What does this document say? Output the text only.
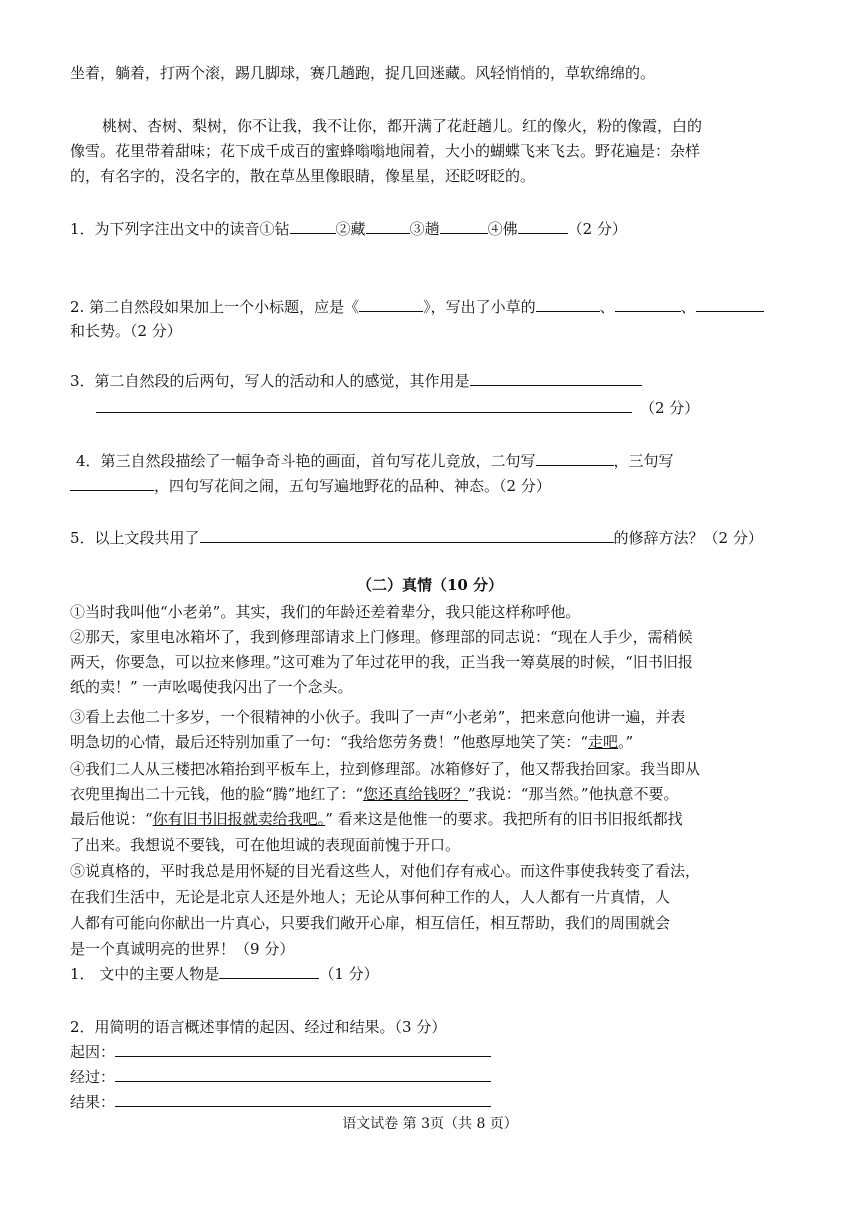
坐着，躺着，打两个滚，踢几脚球，赛几趟跑，捉几回迷藏。风轻悄悄的，草软绵绵的。
桃树、杏树、梨树，你不让我，我不让你，都开满了花赶趟儿。红的像火，粉的像霞，白的
像雪。花里带着甜味；花下成千成百的蜜蜂嗡嗡地闹着，大小的蝴蝶飞来飞去。野花遍是：杂样
的，有名字的，没名字的，散在草丛里像眼睛，像星星，还眨呀眨的。
1．为下列字注出文中的读音①钻	②藏	③趟	④佛	（2 分）
2. 第二自然段如果加上一个小标题，应是《	》，写出了小草的	、	、
和长势。（2 分）
3．第二自然段的后两句，写人的活动和人的感觉，其作用是
（2 分）
4．第三自然段描绘了一幅争奇斗艳的画面，首句写花儿竞放，二句写	，三句写
，四句写花间之闹，五句写遍地野花的品种、神态。（2 分）
5．以上文段共用了	的修辞方法？（2 分）
（二）真情（10 分）
①当时我叫他“小老弟”。其实，我们的年龄还差着辈分，我只能这样称呼他。
②那天，家里电冰箱坏了，我到修理部请求上门修理。修理部的同志说：“现在人手少，需稍候
两天，你要急，可以拉来修理。”这可难为了年过花甲的我，正当我一筹莫展的时候，“旧书旧报
纸的卖！” 一声吆喝使我闪出了一个念头。
③看上去他二十多岁，一个很精神的小伙子。我叫了一声“小老弟”，把来意向他讲一遍，并表
明急切的心情，最后还特别加重了一句：“我给您劳务费！”他憨厚地笑了笑：“走吧。”
④我们二人从三楼把冰箱抬到平板车上，拉到修理部。冰箱修好了，他又帮我抬回家。我当即从
衣兜里掏出二十元钱，他的脸“腾”地红了：“您还真给钱呀？”我说：“那当然。”他执意不要。
最后他说：“你有旧书旧报就卖给我吧。” 看来这是他惟一的要求。我把所有的旧书旧报纸都找
了出来。我想说不要钱，可在他坦诚的表现面前愧于开口。
⑤说真格的，平时我总是用怀疑的目光看这些人，对他们存有戒心。而这件事使我转变了看法，
在我们生活中，无论是北京人还是外地人；无论从事何种工作的人，人人都有一片真情，人
人都有可能向你献出一片真心，只要我们敞开心扉，相互信任，相互帮助，我们的周围就会
是一个真诚明亮的世界！（9 分）
1． 文中的主要人物是	（1 分）
2．用简明的语言概述事情的起因、经过和结果。（3 分）
起因：
经过：
结果：
语文试卷 第 3页（共 8 页）
